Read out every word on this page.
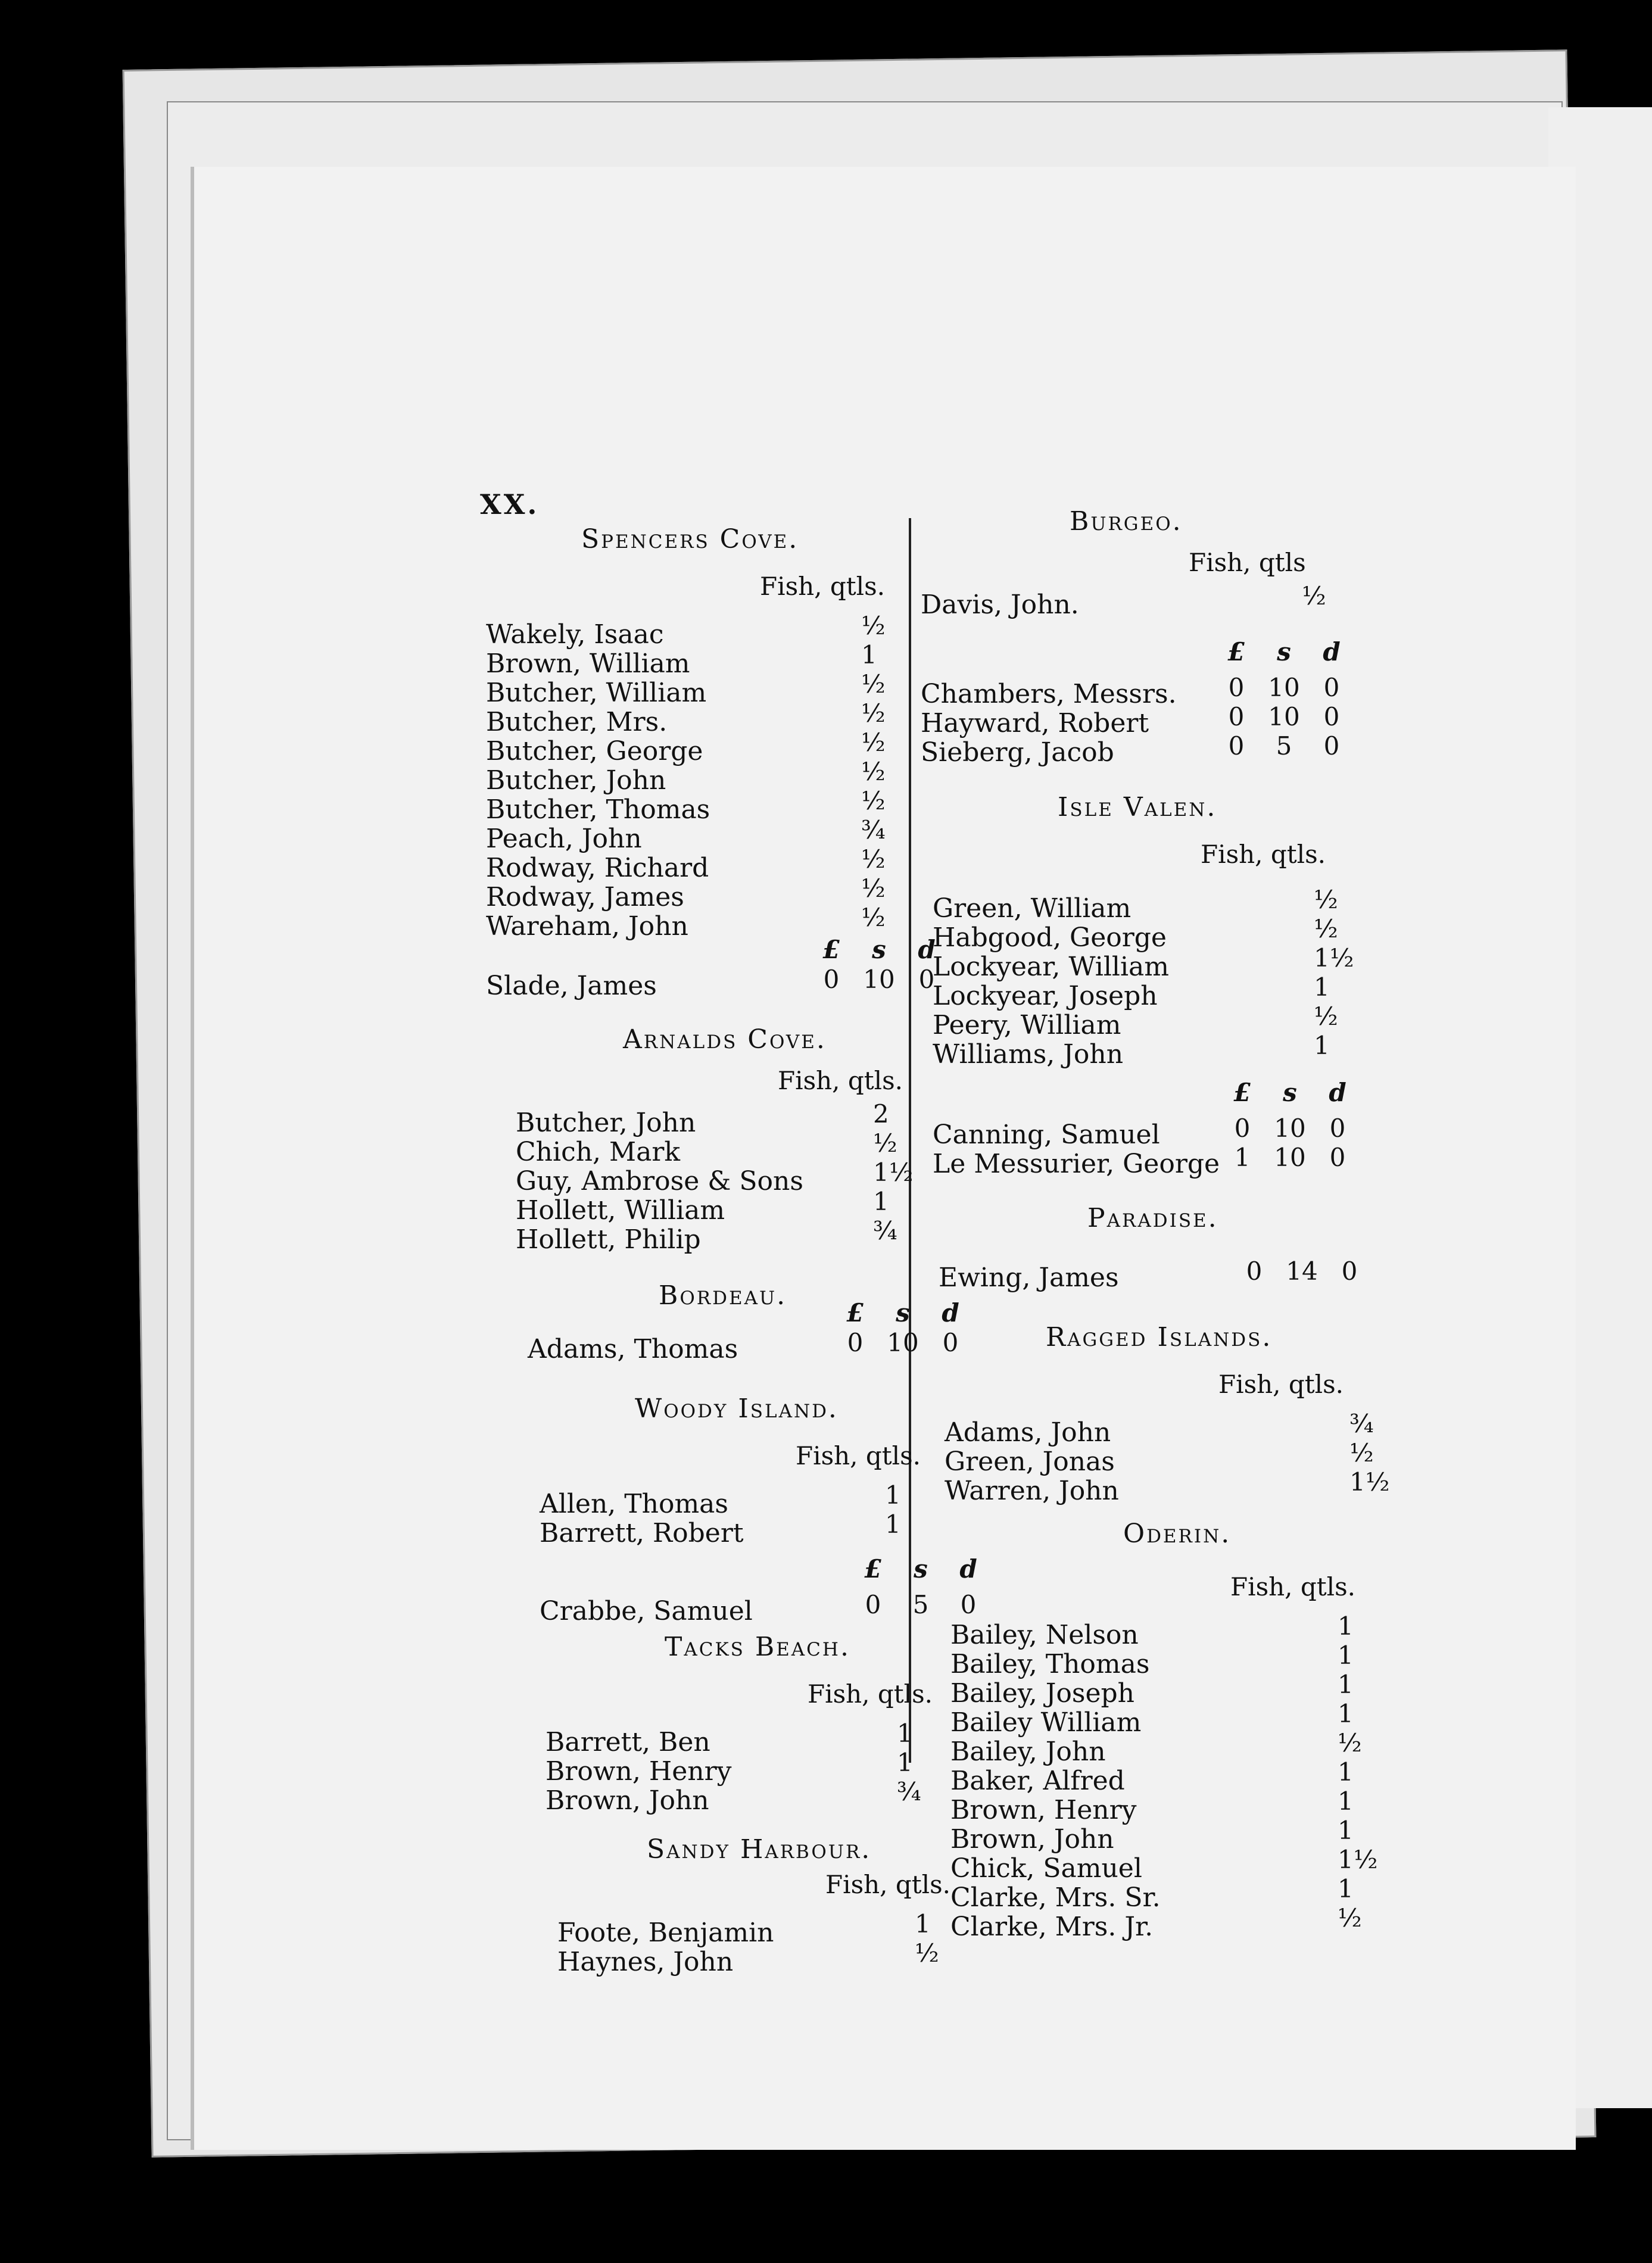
XX.
Spencers Cove.
Fish, qtls.
Wakely, Isaac	½
Brown, William	1
Butcher, William	½
Butcher, Mrs.	½
Butcher, George	½
Butcher, John	½
Butcher, Thomas	½
Peach, John	¾
Rodway, Richard	½
Rodway, James	½
Wareham, John	½
£ s d
Slade, James	0 10 0
Arnalds Cove.
Fish, qtls.
Butcher, John	2
Chich, Mark	½
Guy, Ambrose & Sons	1½
Hollett, William	1
Hollett, Philip	¾
Bordeau.
£ s d
Adams, Thomas	0 10 0
Woody Island.
Fish, qtls.
Allen, Thomas	1
Barrett, Robert	1
£ s d
Crabbe, Samuel	0 5 0
Tacks Beach.
Fish, qtls.
Barrett, Ben	1
Brown, Henry	1
Brown, John	¾
Sandy Harbour.
Fish, qtls.
Foote, Benjamin	1
Haynes, John	½
Burgeo.
Fish, qtls
Davis, John.	½
£ s d
Chambers, Messrs.	0 10 0
Hayward, Robert	0 10 0
Sieberg, Jacob	0 5 0
Isle Valen.
Fish, qtls.
Green, William	½
Habgood, George	½
Lockyear, William	1½
Lockyear, Joseph	1
Peery, William	½
Williams, John	1
£ s d
Canning, Samuel	0 10 0
Le Messurier, George 1 10 0
Paradise.
Ewing, James	0 14 0
Ragged Islands.
Fish, qtls.
Adams, John	¾
Green, Jonas	½
Warren, John	1½
Oderin.
Fish, qtls.
Bailey, Nelson	1
Bailey, Thomas	1
Bailey, Joseph	1
Bailey William	1
Bailey, John	½
Baker, Alfred	1
Brown, Henry	1
Brown, John	1
Chick, Samuel	1½
Clarke, Mrs. Sr.	1
Clarke, Mrs. Jr.	½
